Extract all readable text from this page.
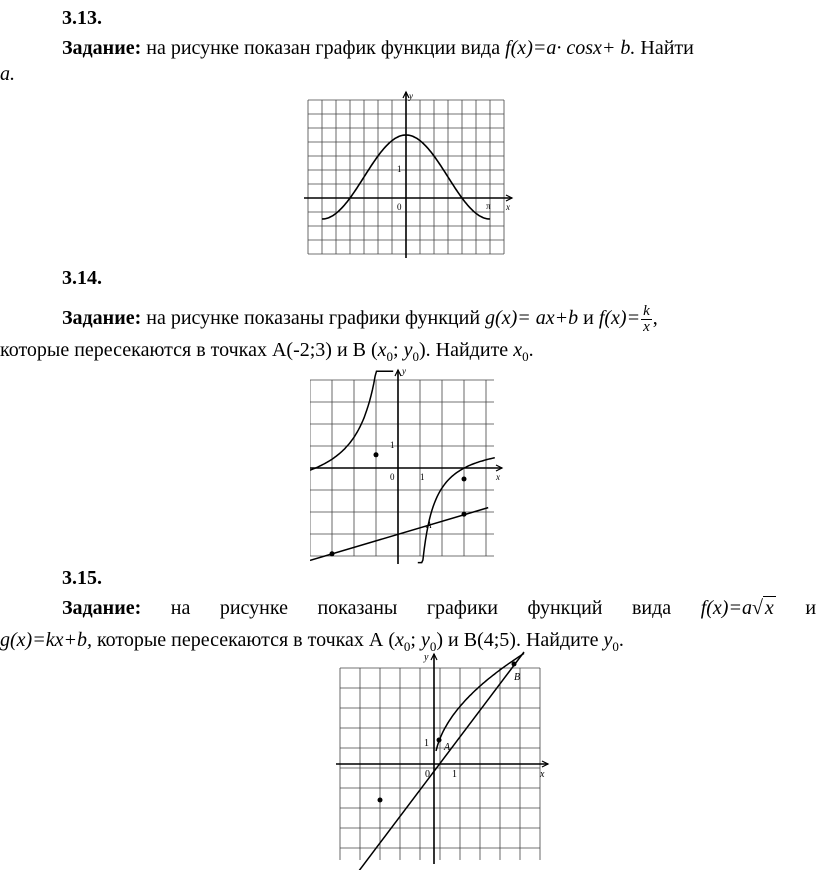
3.13.
Задание: на рисунке показан график функции вида f(x)=a· cosx+ b. Найти
a.
y
x
0
1
π
3.14.
Задание: на рисунке показаны графики функций g(x)= ax+b и $f(x)= \frac{k}{x}$ ,
которые пересекаются в точках А(-2;3) и В ($x_0$; $y_0$). Найдите $x_0$.
y
x
0
1
1
3.15.
Задание: на рисунке показаны графики функций вида f(x)=a√ x и
g(x)=kx+b, которые пересекаются в точках А ($x_0$; $y_0$) и В(4;5). Найдите $y_0$.
y
x
0
1
1
A
B
